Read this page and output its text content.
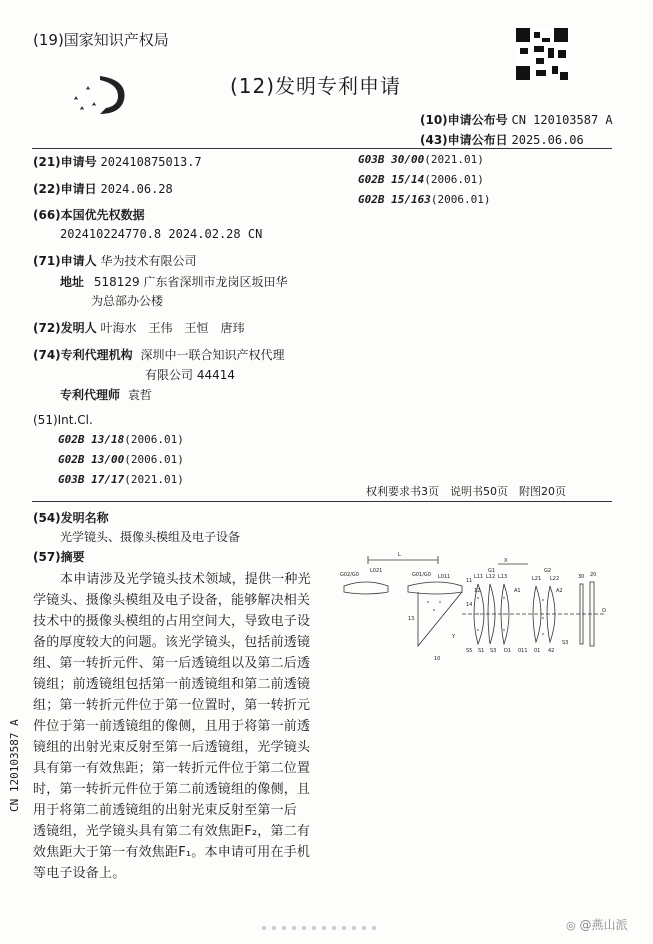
(19)国家知识产权局
(12)发明专利申请
(10)申请公布号 CN 120103587 A
(43)申请公布日 2025.06.06
(21)申请号 202410875013.7
(22)申请日 2024.06.28
(66)本国优先权数据
202410224770.8 2024.02.28 CN
(71)申请人 华为技术有限公司
地址 518129 广东省深圳市龙岗区坂田华
为总部办公楼
(72)发明人 叶海水　王伟　王恒　唐玮
(74)专利代理机构 深圳中一联合知识产权代理
有限公司 44414
专利代理师 袁哲
(51)Int.Cl.
G02B 13/18(2006.01)
G02B 13/00(2006.01)
G03B 17/17(2021.01)
G03B 30/00(2021.01)
G02B 15/14(2006.01)
G02B 15/163(2006.01)
权利要求书3页　说明书50页　附图20页
(54)发明名称
光学镜头、摄像头模组及电子设备
(57)摘要
本申请涉及光学镜头技术领域，提供一种光
学镜头、摄像头模组及电子设备，能够解决相关
技术中的摄像头模组的占用空间大，导致电子设
备的厚度较大的问题。该光学镜头，包括前透镜
组、第一转折元件、第一后透镜组以及第二后透
镜组；前透镜组包括第一前透镜组和第二前透镜
组；第一转折元件位于第一位置时，第一转折元
件位于第一前透镜组的像侧，且用于将第一前透
镜组的出射光束反射至第一后透镜组，光学镜头
具有第一有效焦距；第一转折元件位于第二位置
时，第一转折元件位于第二前透镜组的像侧，且
用于将第二前透镜组的出射光束反射至第一后
透镜组，光学镜头具有第二有效焦距F₂，第二有
效焦距大于第一有效焦距F₁。本申请可用在手机
等电子设备上。
CN 120103587 A
G02/G0
L
L021
G01/G0 L011
11
12
X
G1	G2
L11 L12 L13	L21 L22	30 20
13
14
S5 S1 S3 D1 011 01 42
S3
O
10
A1	A2
Y
◎ @燕山派
